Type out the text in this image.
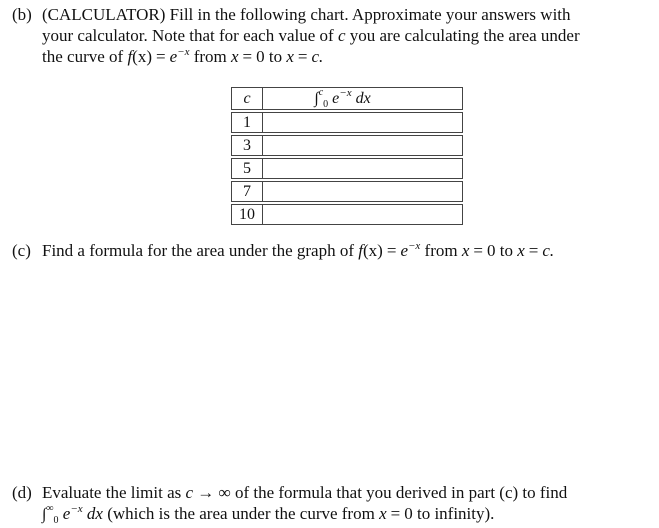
(b) (CALCULATOR) Fill in the following chart. Approximate your answers with
your calculator. Note that for each value of c you are calculating the area under
the curve of $f(x) = e^{-x}$ from x = 0 to x = c.
c	∫$^c_0$ $e^{-x}$ dx
1	
3	
5	
7	
10	
(c) Find a formula for the area under the graph of $f(x) = e^{-x}$ from x = 0 to x = c.
(d) Evaluate the limit as c → ∞ of the formula that you derived in part (c) to find
$\int^\infty_0$ $e^{-x}$ dx (which is the area under the curve from x = 0 to infinity).
